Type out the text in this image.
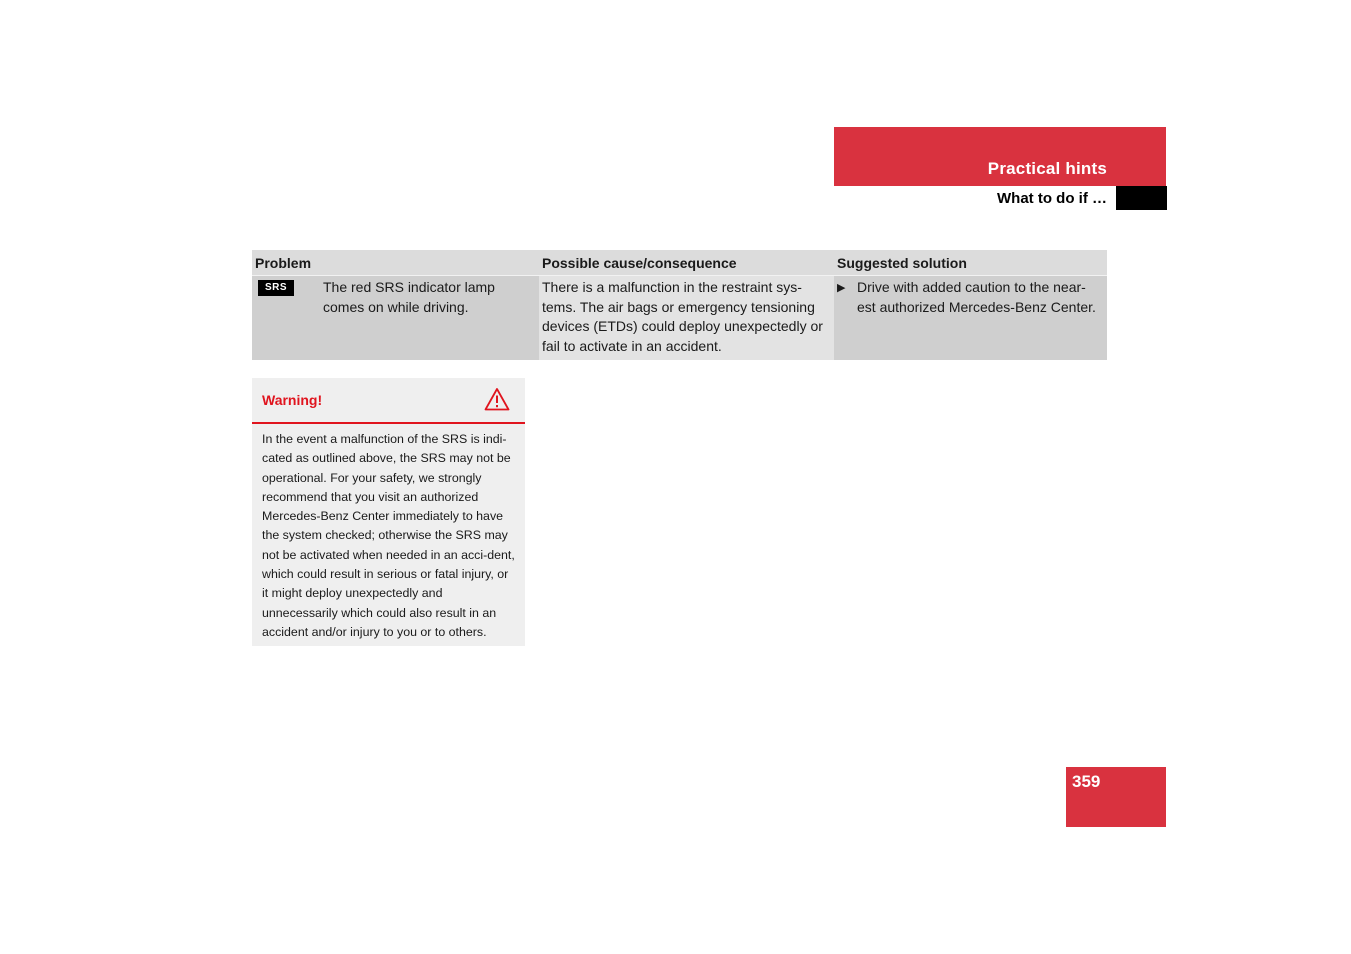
Practical hints
What to do if …
Problem	Possible cause/consequence	Suggested solution

SRS The red SRS indicator lamp comes on while driving.	There is a malfunction in the restraint sys-tems. The air bags or emergency tensioning devices (ETDs) could deploy unexpectedly or fail to activate in an accident.	▶ Drive with added caution to the near-est authorized Mercedes-Benz Center.
Warning!
In the event a malfunction of the SRS is indi-cated as outlined above, the SRS may not be operational. For your safety, we strongly recommend that you visit an authorized Mercedes-Benz Center immediately to have the system checked; otherwise the SRS may not be activated when needed in an acci-dent, which could result in serious or fatal injury, or it might deploy unexpectedly and unnecessarily which could also result in an accident and/or injury to you or to others.
359
